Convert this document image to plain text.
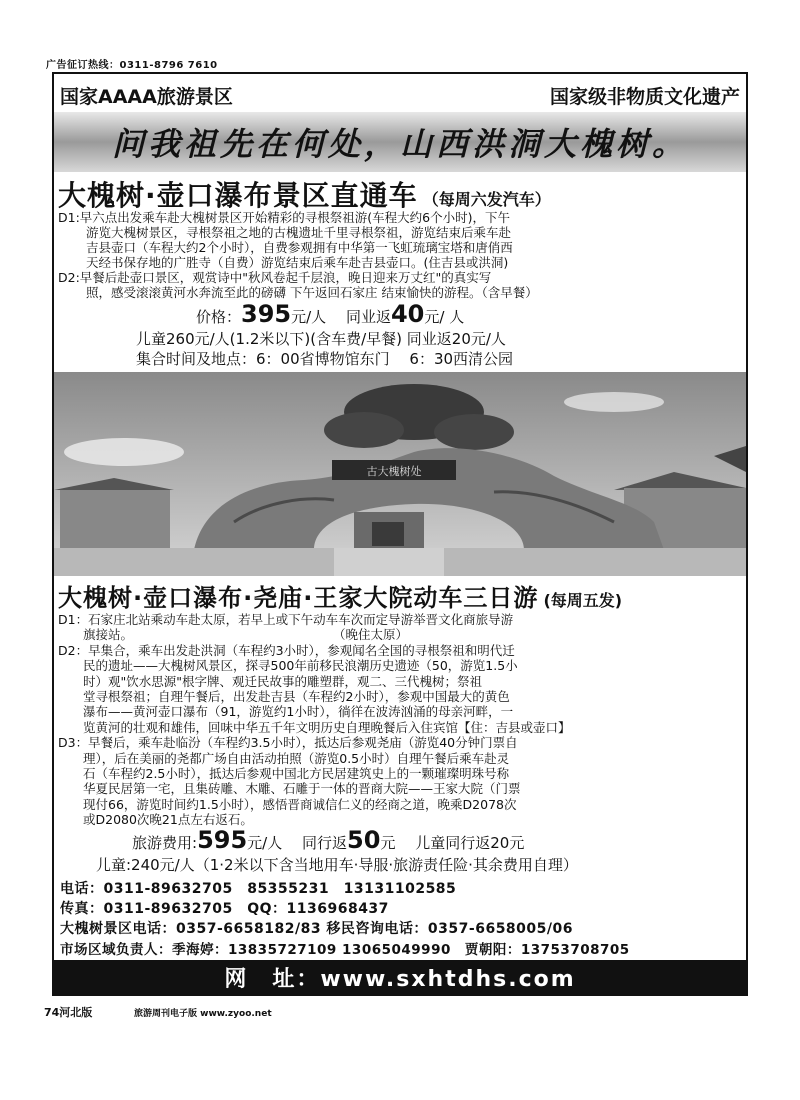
广告征订热线：0311-8796 7610
国家AAAA旅游景区	国家级非物质文化遗产
问我祖先在何处，山西洪洞大槐树。
大槐树·壶口瀑布景区直通车 （每周六发汽车）
D1:早六点出发乘车赴大槐树景区开始精彩的寻根祭祖游(车程大约6个小时)，下午
游览大槐树景区，寻根祭祖之地的古槐遗址千里寻根祭祖，游览结束后乘车赴
吉县壶口（车程大约2个小时），自费参观拥有中华第一飞虹琉璃宝塔和唐俏西
天经书保存地的广胜寺（自费）游览结束后乘车赴吉县壶口。(住吉县或洪洞)
D2:早餐后赴壶口景区，观赏诗中"秋风卷起千层浪，晚日迎来万丈红"的真实写
照，感受滚滚黄河水奔流至此的磅礴 下午返回石家庄 结束愉快的游程。（含早餐）
价格：395元/人 　 同业返40元/ 人
儿童260元/人(1.2米以下)(含车费/早餐) 同业返20元/人
集合时间及地点：6：00省博物馆东门　 6：30西清公园
古大槐树处
大槐树·壶口瀑布·尧庙·王家大院动车三日游 (每周五发)
D1：石家庄北站乘动车赴太原，若早上或下午动车车次而定导游举晋文化商旅导游
　　旗接站。　　　　　　　　　　　　　　　　　（晚住太原）
D2：早集合，乘车出发赴洪洞（车程约3小时），参观闻名全国的寻根祭祖和明代迁
　　民的遗址——大槐树风景区，探寻500年前移民浪潮历史遗迹（50，游览1.5小
　　时）观"饮水思源"根字牌、观迁民故事的雕塑群，观二、三代槐树；祭祖
　　堂寻根祭祖；自理午餐后，出发赴吉县（车程约2小时），参观中国最大的黄色
　　瀑布——黄河壶口瀑布（91，游览约1小时），徜徉在波涛汹涌的母亲河畔，一
　　览黄河的壮观和雄伟，回味中华五千年文明历史自理晚餐后入住宾馆【住：吉县或壶口】
D3：早餐后，乘车赴临汾（车程约3.5小时），抵达后参观尧庙（游览40分钟门票自
　　理），后在美丽的尧都广场自由活动拍照（游览0.5小时）自理午餐后乘车赴灵
　　石（车程约2.5小时），抵达后参观中国北方民居建筑史上的一颗璀璨明珠号称
　　华夏民居第一宅，且集砖雕、木雕、石雕于一体的晋商大院——王家大院（门票
　　现付66，游览时间约1.5小时），感悟晋商诚信仁义的经商之道，晚乘D2078次
　　或D2080次晚21点左右返石。
旅游费用:595元/人 　 同行返50元 　 儿童同行返20元
儿童:240元/人（1·2米以下含当地用车·导服·旅游责任险·其余费用自理）
电话：0311-89632705　85355231　13131102585
传真：0311-89632705　QQ：1136968437
大槐树景区电话：0357-6658182/83 移民咨询电话：0357-6658005/06
市场区域负责人：季海婷：13835727109 13065049990　贾朝阳：13753708705
网　址：www.sxhtdhs.com
74河北版	旅游周刊电子版 www.zyoo.net
